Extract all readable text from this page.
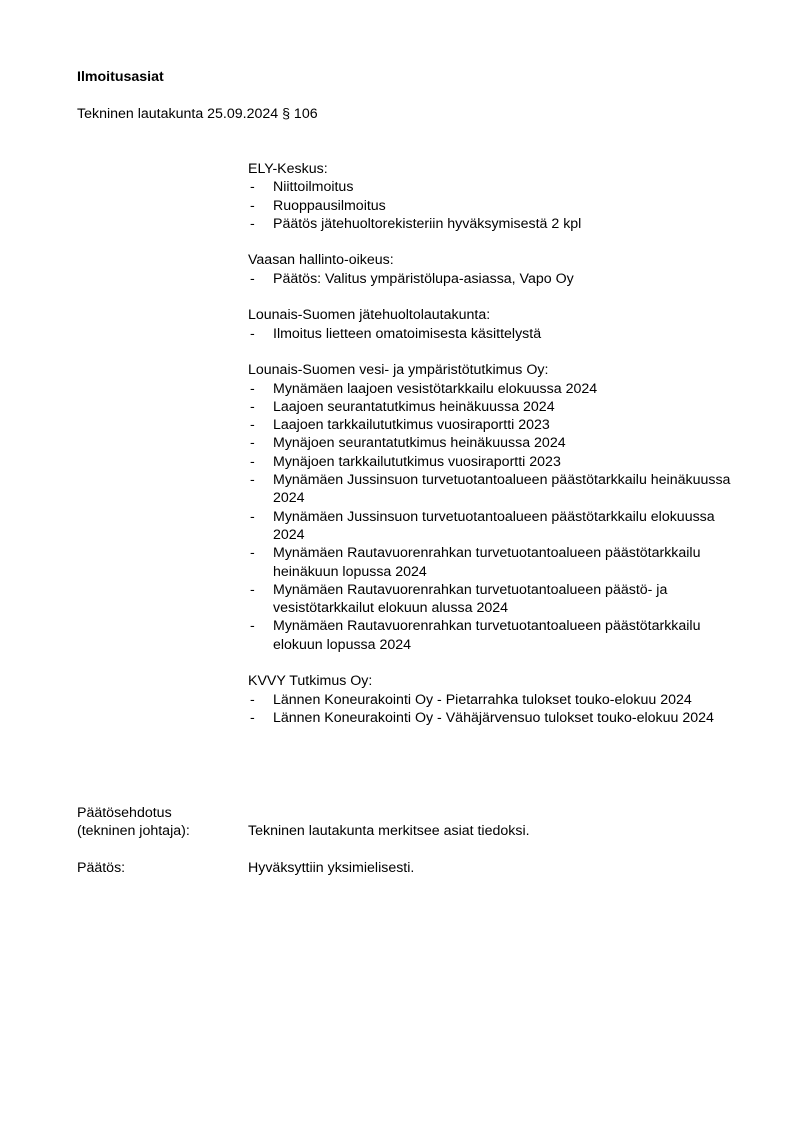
Ilmoitusasiat
Tekninen lautakunta 25.09.2024 § 106
ELY-Keskus:
- Niittoilmoitus
- Ruoppausilmoitus
- Päätös jätehuoltorekisteriin hyväksymisestä 2 kpl
Vaasan hallinto-oikeus:
- Päätös: Valitus ympäristölupa-asiassa, Vapo Oy
Lounais-Suomen jätehuoltolautakunta:
- Ilmoitus lietteen omatoimisesta käsittelystä
Lounais-Suomen vesi- ja ympäristötutkimus Oy:
- Mynämäen laajoen vesistötarkkailu elokuussa 2024
- Laajoen seurantatutkimus heinäkuussa 2024
- Laajoen tarkkailututkimus vuosiraportti 2023
- Mynäjoen seurantatutkimus heinäkuussa 2024
- Mynäjoen tarkkailututkimus vuosiraportti 2023
- Mynämäen Jussinsuon turvetuotantoalueen päästötarkkailu heinäkuussa 2024
- Mynämäen Jussinsuon turvetuotantoalueen päästötarkkailu elokuussa 2024
- Mynämäen Rautavuorenrahkan turvetuotantoalueen päästötarkkailu heinäkuun lopussa 2024
- Mynämäen Rautavuorenrahkan turvetuotantoalueen päästö- ja vesistötarkkailut elokuun alussa 2024
- Mynämäen Rautavuorenrahkan turvetuotantoalueen päästötarkkailu elokuun lopussa 2024
KVVY Tutkimus Oy:
- Lännen Koneurakointi Oy - Pietarrahka tulokset touko-elokuu 2024
- Lännen Koneurakointi Oy - Vähäjärvensuo tulokset touko-elokuu 2024
Päätösehdotus
(tekninen johtaja):	Tekninen lautakunta merkitsee asiat tiedoksi.
Päätös:	Hyväksyttiin yksimielisesti.
